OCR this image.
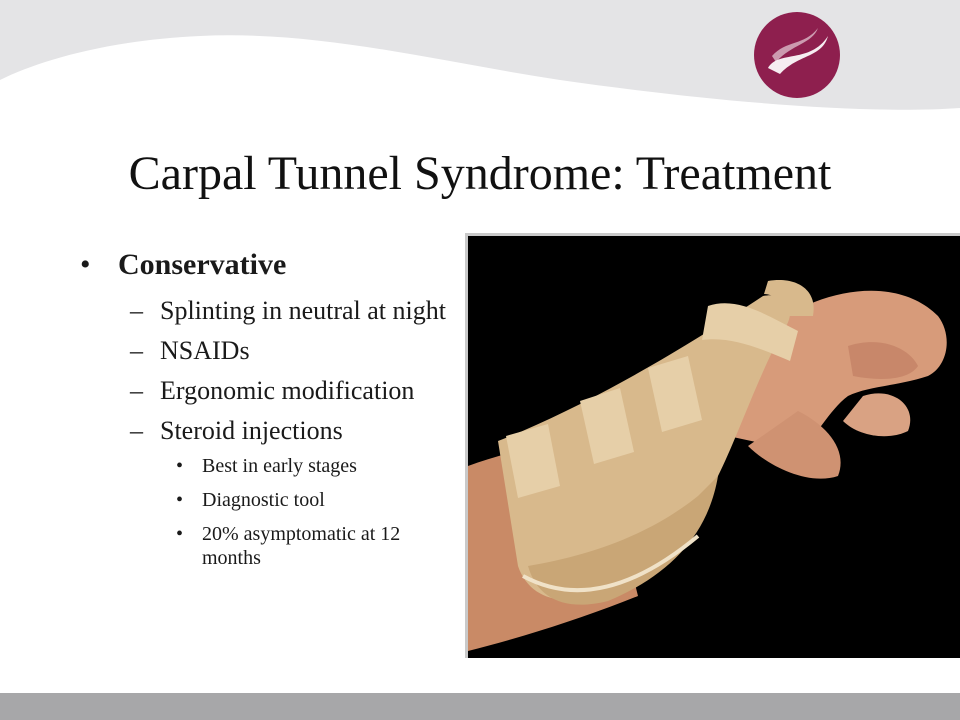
Carpal Tunnel Syndrome: Treatment
• Conservative
– Splinting in neutral at night
– NSAIDs
– Ergonomic modification
– Steroid injections
• Best in early stages
• Diagnostic tool
• 20% asymptomatic at 12 months
